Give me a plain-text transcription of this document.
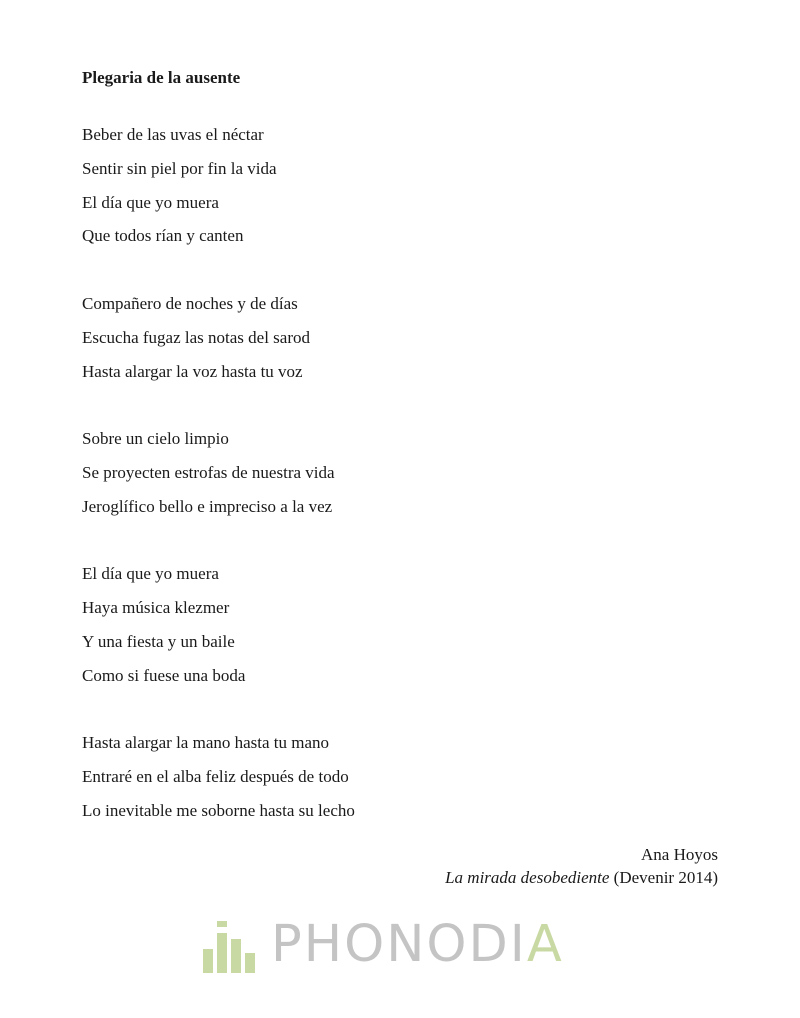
Plegaria de la ausente
Beber de las uvas el néctar
Sentir sin piel por fin la vida
El día que yo muera
Que todos rían y canten
Compañero de noches y de días
Escucha fugaz las notas del sarod
Hasta alargar la voz hasta tu voz
Sobre un cielo limpio
Se proyecten estrofas de nuestra vida
Jeroglífico bello e impreciso a la vez
El día que yo muera
Haya música klezmer
Y una fiesta y un baile
Como si fuese una boda
Hasta alargar la mano hasta tu mano
Entraré en el alba feliz después de todo
Lo inevitable me soborne hasta su lecho
Ana Hoyos
La mirada desobediente (Devenir 2014)
PHONODIA
